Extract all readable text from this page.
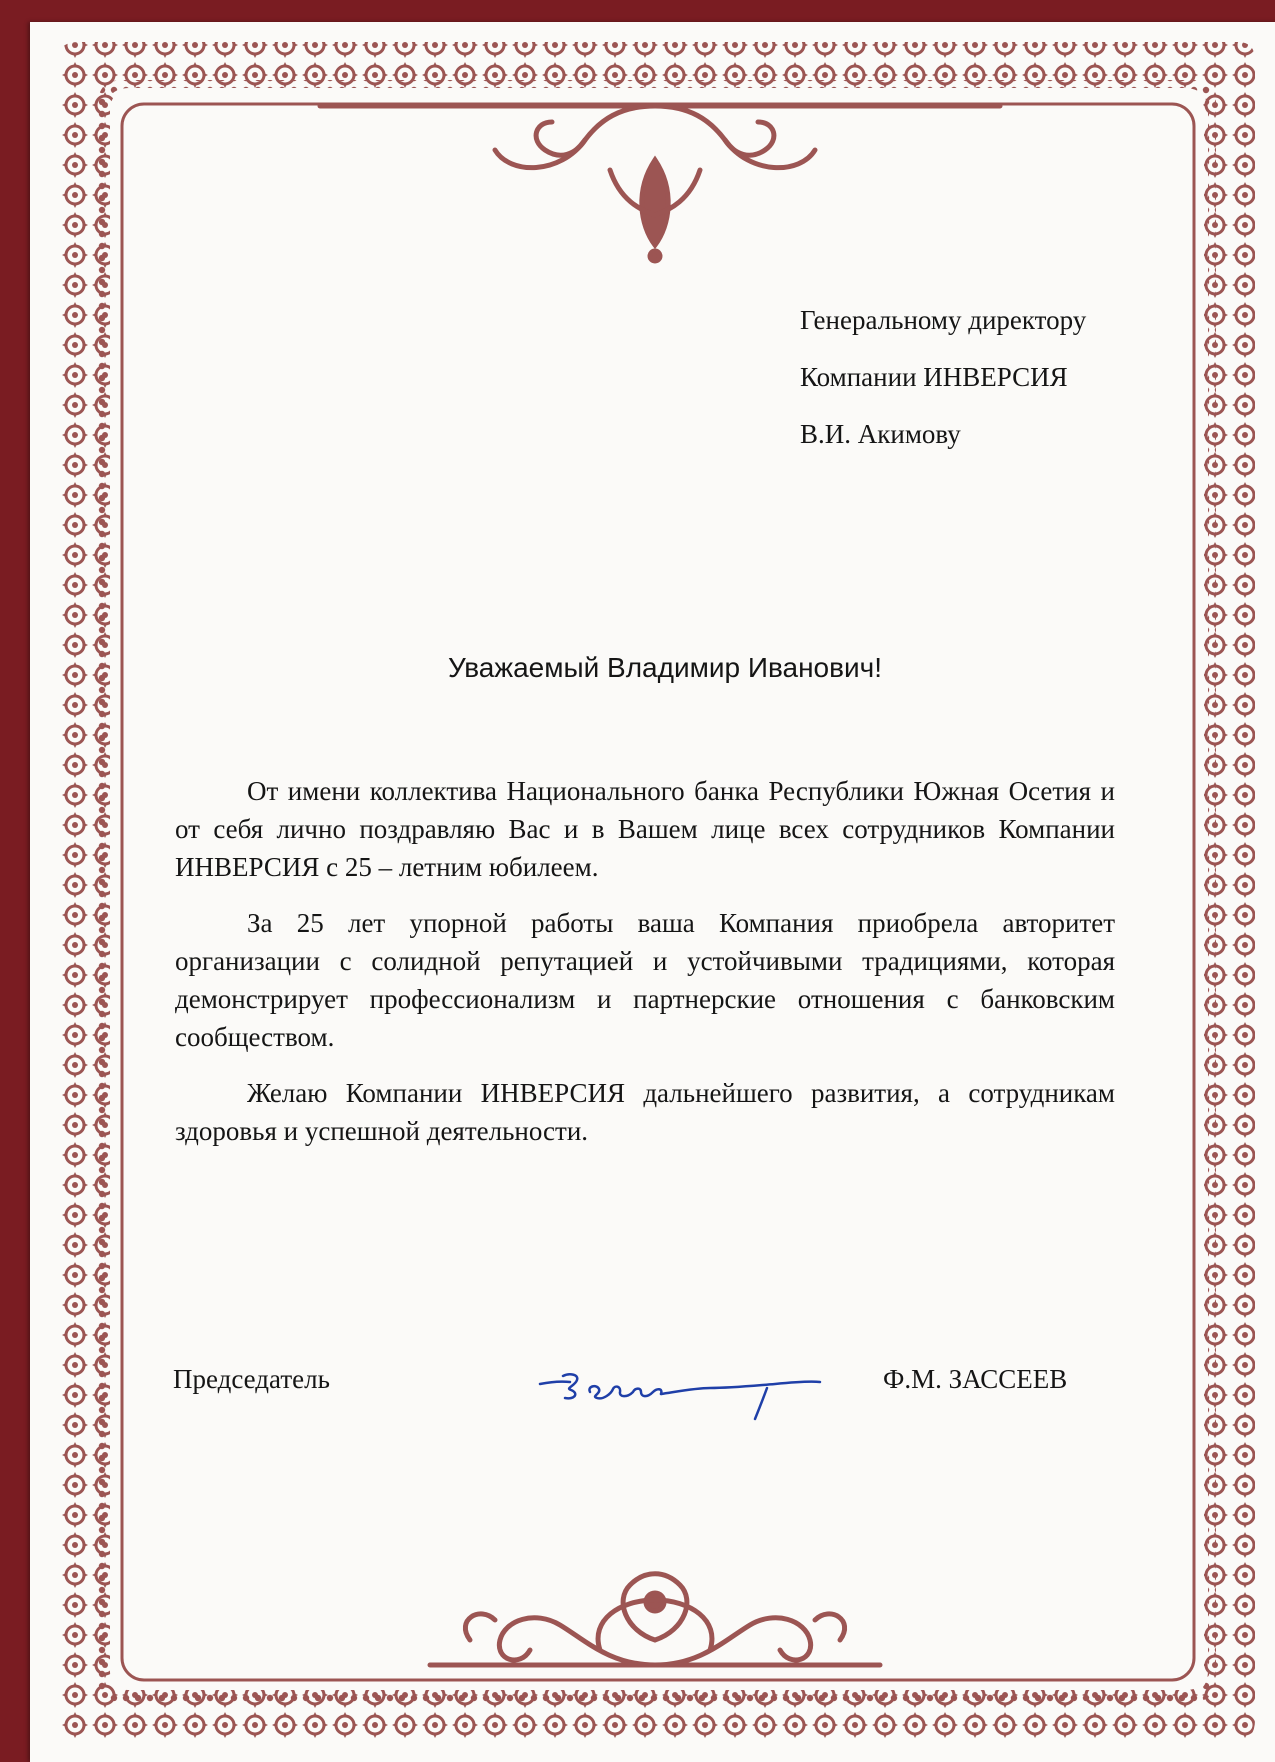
Генеральному директору
Компании ИНВЕРСИЯ
В.И. Акимову
Уважаемый Владимир Иванович!

От имени коллектива Национального банка Республики Южная Осетия и от себя лично поздравляю Вас и в Вашем лице всех сотрудников Компании ИНВЕРСИЯ с 25 – летним юбилеем.

За 25 лет упорной работы ваша Компания приобрела авторитет организации с солидной репутацией и устойчивыми традициями, которая демонстрирует профессионализм и партнерские отношения с банковским сообществом.

Желаю Компании ИНВЕРСИЯ дальнейшего развития, а сотрудникам здоровья и успешной деятельности.

Председатель	Ф.М. ЗАССЕЕВ
